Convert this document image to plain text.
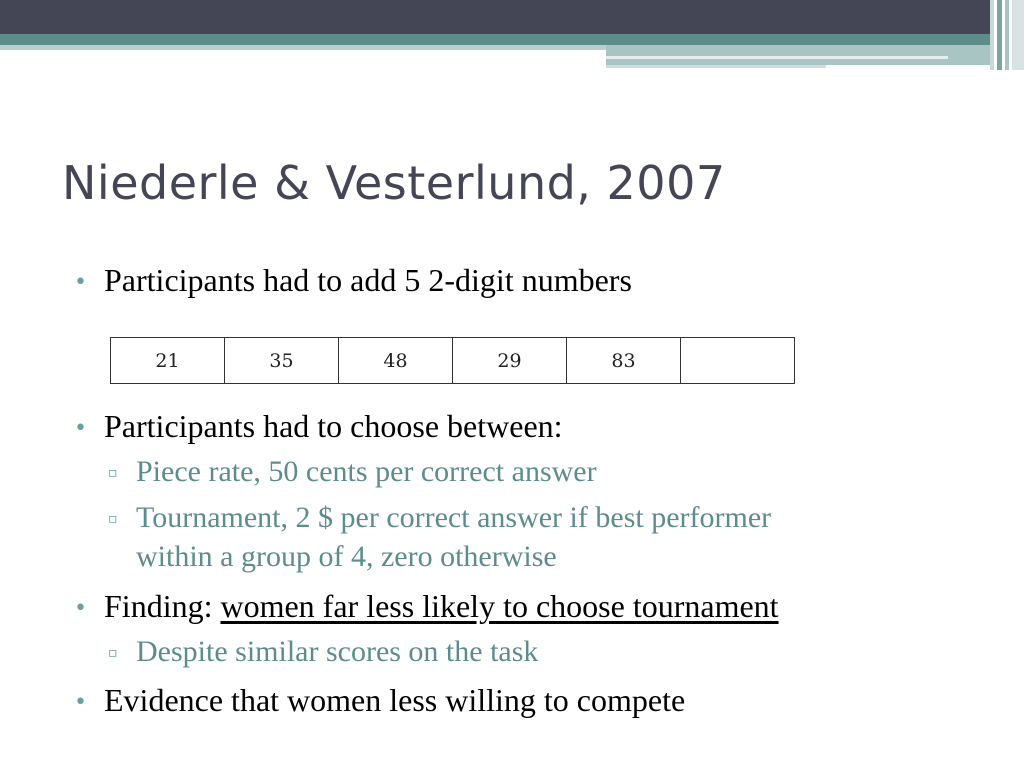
Niederle & Vesterlund, 2007
• Participants had to add 5 2-digit numbers
21	35	48	29	83	
• Participants had to choose between:
▫ Piece rate, 50 cents per correct answer
▫ Tournament, 2 $ per correct answer if best performer
within a group of 4, zero otherwise
• Finding: women far less likely to choose tournament
▫ Despite similar scores on the task
• Evidence that women less willing to compete
